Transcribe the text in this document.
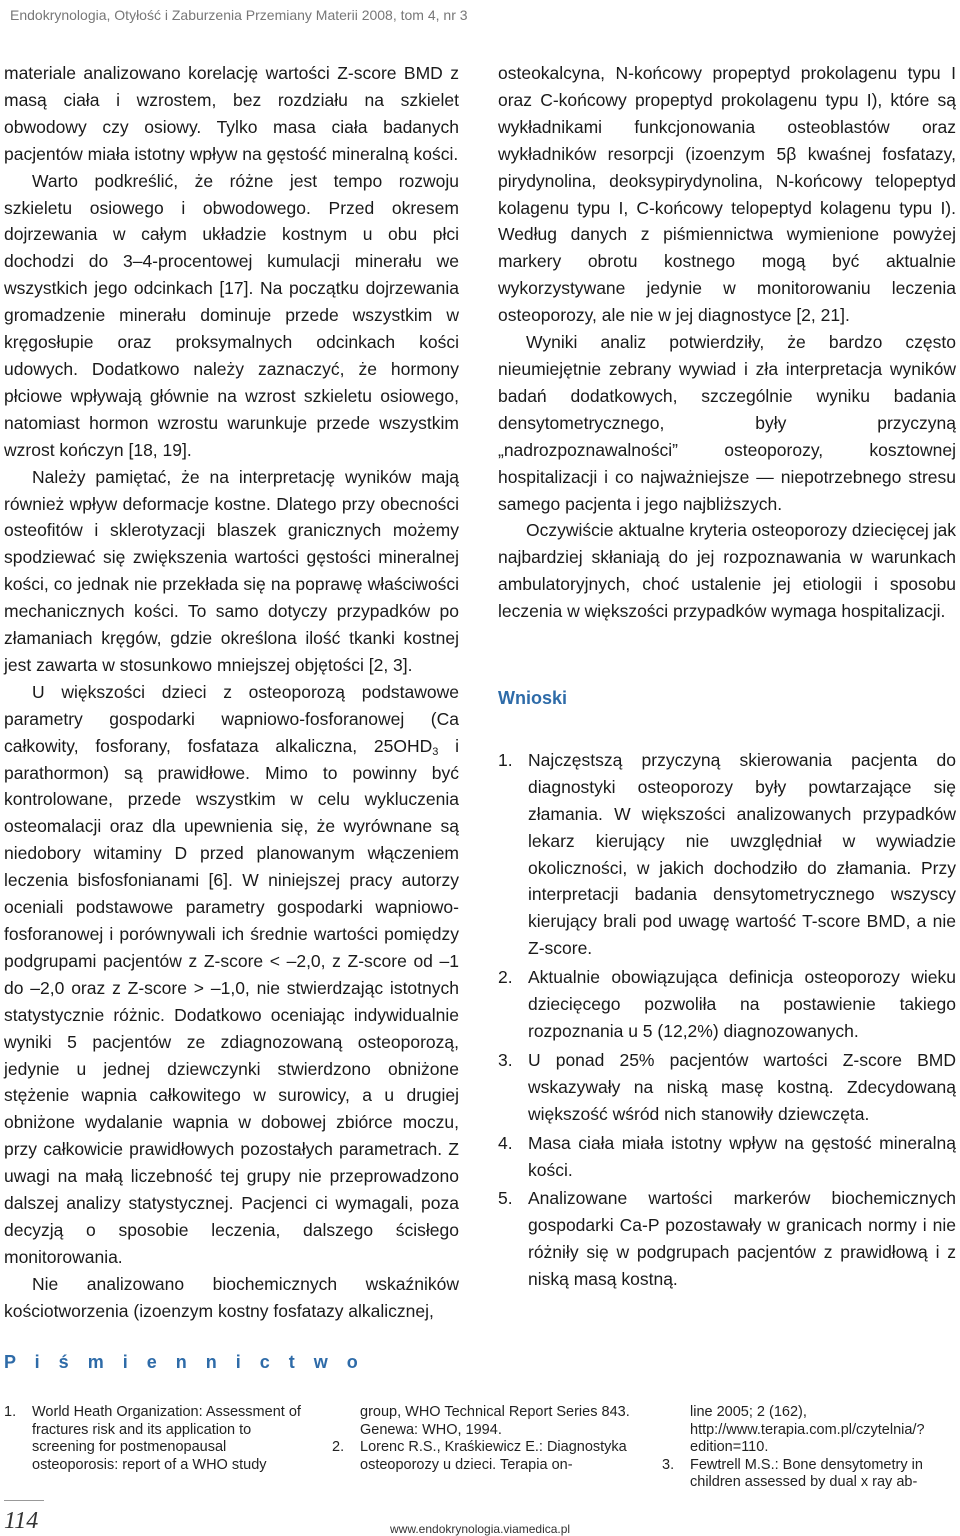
Endokrynologia, Otyłość i Zaburzenia Przemiany Materii 2008, tom 4, nr 3

materiale analizowano korelację wartości Z-score BMD z masą ciała i wzrostem, bez rozdziału na szkielet obwodowy czy osiowy. Tylko masa ciała badanych pacjentów miała istotny wpływ na gęstość mineralną kości.

Warto podkreślić, że różne jest tempo rozwoju szkieletu osiowego i obwodowego. Przed okresem dojrzewania w całym układzie kostnym u obu płci dochodzi do 3–4-procentowej kumulacji minerału we wszystkich jego odcinkach [17]. Na początku dojrzewania gromadzenie minerału dominuje przede wszystkim w kręgosłupie oraz proksymalnych odcinkach kości udowych. Dodatkowo należy zaznaczyć, że hormony płciowe wpływają głównie na wzrost szkieletu osiowego, natomiast hormon wzrostu warunkuje przede wszystkim wzrost kończyn [18, 19].

Należy pamiętać, że na interpretację wyników mają również wpływ deformacje kostne. Dlatego przy obecności osteofitów i sklerotyzacji blaszek granicznych możemy spodziewać się zwiększenia wartości gęstości mineralnej kości, co jednak nie przekłada się na poprawę właściwości mechanicznych kości. To samo dotyczy przypadków po złamaniach kręgów, gdzie określona ilość tkanki kostnej jest zawarta w stosunkowo mniejszej objętości [2, 3].

U większości dzieci z osteoporozą podstawowe parametry gospodarki wapniowo-fosforanowej (Ca całkowity, fosforany, fosfataza alkaliczna, $25OHD_3$ i parathormon) są prawidłowe. Mimo to powinny być kontrolowane, przede wszystkim w celu wykluczenia osteomalacji oraz dla upewnienia się, że wyrównane są niedobory witaminy D przed planowanym włączeniem leczenia bisfosfonianami [6]. W niniejszej pracy autorzy oceniali podstawowe parametry gospodarki wapniowo-fosforanowej i porównywali ich średnie wartości pomiędzy podgrupami pacjentów z Z-score < –2,0, z Z-score od –1 do –2,0 oraz z Z-score > –1,0, nie stwierdzając istotnych statystycznie różnic. Dodatkowo oceniając indywidualnie wyniki 5 pacjentów ze zdiagnozowaną osteoporozą, jedynie u jednej dziewczynki stwierdzono obniżone stężenie wapnia całkowitego w surowicy, a u drugiej obniżone wydalanie wapnia w dobowej zbiórce moczu, przy całkowicie prawidłowych pozostałych parametrach. Z uwagi na małą liczebność tej grupy nie przeprowadzono dalszej analizy statystycznej. Pacjenci ci wymagali, poza decyzją o sposobie leczenia, dalszego ścisłego monitorowania.

Nie analizowano biochemicznych wskaźników kościotworzenia (izoenzym kostny fosfatazy alkalicznej,

osteokalcyna, N-końcowy propeptyd prokolagenu typu I oraz C-końcowy propeptyd prokolagenu typu I), które są wykładnikami funkcjonowania osteoblastów oraz wykładników resorpcji (izoenzym 5β kwaśnej fosfatazy, pirydynolina, deoksypirydynolina, N-końcowy telopeptyd kolagenu typu I, C-końcowy telopeptyd kolagenu typu I). Według danych z piśmiennictwa wymienione powyżej markery obrotu kostnego mogą być aktualnie wykorzystywane jedynie w monitorowaniu leczenia osteoporozy, ale nie w jej diagnostyce [2, 21].

Wyniki analiz potwierdziły, że bardzo często nieumiejętnie zebrany wywiad i zła interpretacja wyników badań dodatkowych, szczególnie wyniku badania densytometrycznego, były przyczyną „nadrozpoznawalności” osteoporozy, kosztownej hospitalizacji i co najważniejsze — niepotrzebnego stresu samego pacjenta i jego najbliższych.

Oczywiście aktualne kryteria osteoporozy dziecięcej jak najbardziej skłaniają do jej rozpoznawania w warunkach ambulatoryjnych, choć ustalenie jej etiologii i sposobu leczenia w większości przypadków wymaga hospitalizacji.

Wnioski
1. Najczęstszą przyczyną skierowania pacjenta do diagnostyki osteoporozy były powtarzające się złamania. W większości analizowanych przypadków lekarz kierujący nie uwzględniał w wywiadzie okoliczności, w jakich dochodziło do złamania. Przy interpretacji badania densytometrycznego wszyscy kierujący brali pod uwagę wartość T-score BMD, a nie Z-score.
2. Aktualnie obowiązująca definicja osteoporozy wieku dziecięcego pozwoliła na postawienie takiego rozpoznania u 5 (12,2%) diagnozowanych.
3. U ponad 25% pacjentów wartości Z-score BMD wskazywały na niską masę kostną. Zdecydowaną większość wśród nich stanowiły dziewczęta.
4. Masa ciała miała istotny wpływ na gęstość mineralną kości.
5. Analizowane wartości markerów biochemicznych gospodarki Ca-P pozostawały w granicach normy i nie różniły się w podgrupach pacjentów z prawidłową i z niską masą kostną.
P i ś m i e n n i c t w o
1. World Heath Organization: Assessment of fractures risk and its application to screening for postmenopausal osteoporosis: report of a WHO study
group, WHO Technical Report Series 843. Genewa: WHO, 1994.
2. Lorenc R.S., Kraśkiewicz E.: Diagnostyka osteoporozy u dzieci. Terapia on-
line 2005; 2 (162), http://www.terapia.com.pl/czytelnia/?edition=110.
3. Fewtrell M.S.: Bone densytometry in children assessed by dual x ray ab-
114	www.endokrynologia.viamedica.pl
